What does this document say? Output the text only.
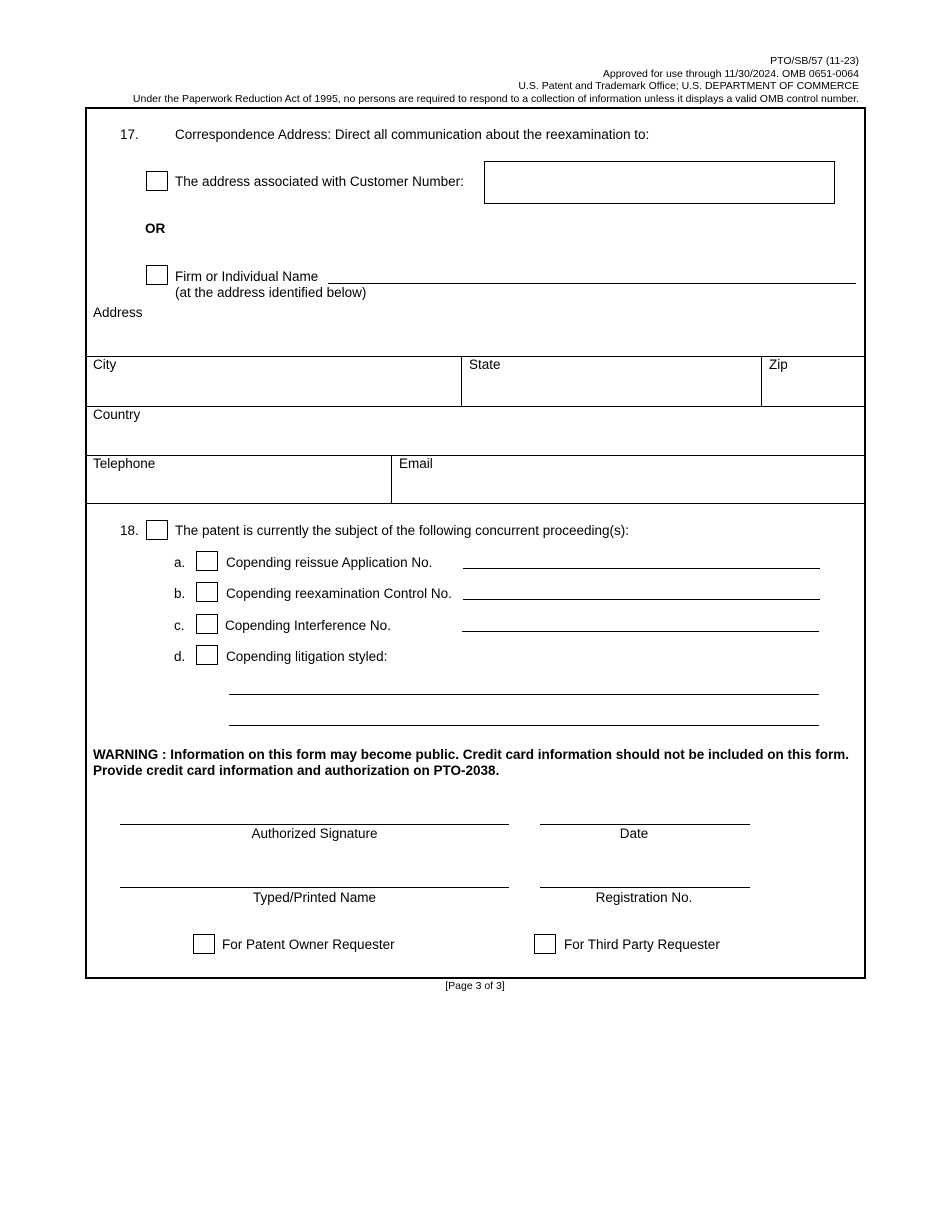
PTO/SB/57 (11-23)
Approved for use through 11/30/2024. OMB 0651-0064
U.S. Patent and Trademark Office; U.S. DEPARTMENT OF COMMERCE
Under the Paperwork Reduction Act of 1995, no persons are required to respond to a collection of information unless it displays a valid OMB control number.
17.	Correspondence Address: Direct all communication about the reexamination to:
The address associated with Customer Number:
OR
Firm or Individual Name
(at the address identified below)
Address
City	State	Zip
Country
Telephone	Email
18.	The patent is currently the subject of the following concurrent proceeding(s):
a.	Copending reissue Application No.
b.	Copending reexamination Control No.
c.	Copending Interference No.
d.	Copending litigation styled:
WARNING : Information on this form may become public. Credit card information should not be included on this form. Provide credit card information and authorization on PTO-2038.
Authorized Signature	Date
Typed/Printed Name	Registration No.
For Patent Owner Requester	For Third Party Requester
[Page 3 of 3]
